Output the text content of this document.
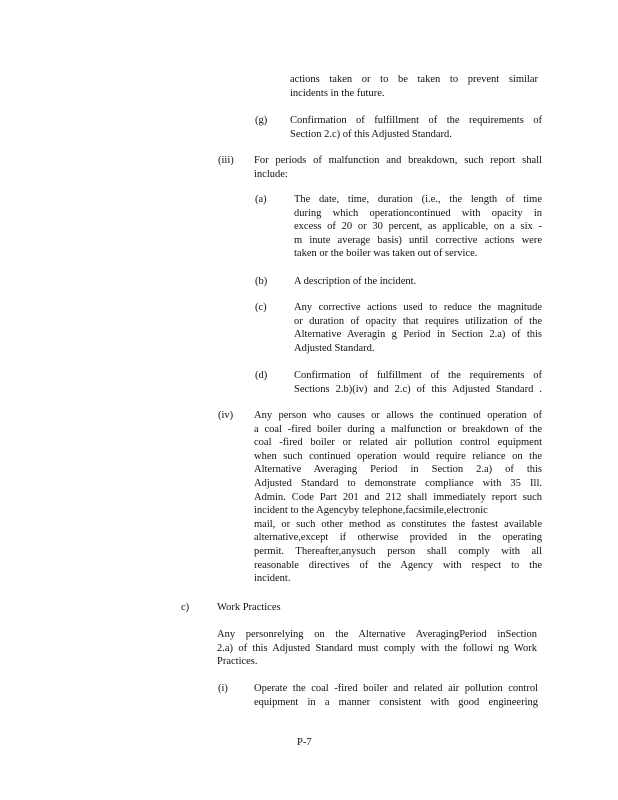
actions taken or to be taken to prevent similar
incidents in the future.
(g) Confirmation of fulfillment of the requirements of
Section 2.c) of this Adjusted Standard.
(iii) For periods of malfunction and breakdown, such report shall
include:
(a)	The date, time, duration (i.e., the length of time
during which operationcontinued with opacity in
excess of 20 or 30 percent, as applicable, on a six -
m inute average basis) until corrective actions were
taken or the boiler was taken out of service.
(b)	A description of the incident.
(c)	Any corrective actions used to reduce the magnitude
or duration of opacity that requires utilization of the
Alternative Averagin g Period in Section 2.a) of this
Adjusted Standard.
(d)	Confirmation of fulfillment of the requirements of
Sections 2.b)(iv) and 2.c) of this Adjusted Standard .
(iv) Any person who causes or allows the continued operation of
a coal -fired boiler during a malfunction or breakdown of the
coal -fired boiler or related air pollution control equipment
when such continued operation would require reliance on the
Alternative Averaging Period in Section 2.a) of this
Adjusted Standard to demonstrate compliance with 35 Ill.
Admin. Code Part 201 and 212 shall immediately report such
incident to the Agencyby telephone,facsimile,electronic
mail, or such other method as constitutes the fastest available
alternative,except if otherwise provided in the operating
permit. Thereafter,anysuch person shall comply with all
reasonable directives of the Agency with respect to the
incident.
c)	Work Practices
Any personrelying on the Alternative AveragingPeriod inSection
2.a) of this Adjusted Standard must comply with the followi ng Work
Practices.
(i) Operate the coal -fired boiler and related air pollution control
equipment in a manner consistent with good engineering
P-7
